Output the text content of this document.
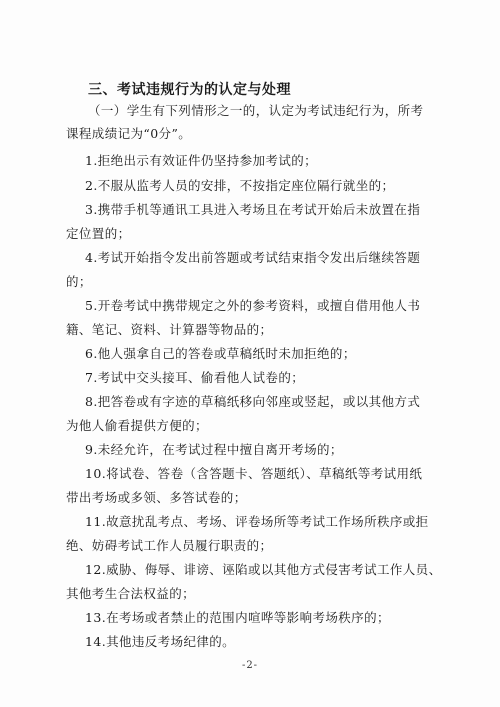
三、考试违规行为的认定与处理
（一）学生有下列情形之一的，认定为考试违纪行为，所考
课程成绩记为“0分”。
1.拒绝出示有效证件仍坚持参加考试的；
2.不服从监考人员的安排，不按指定座位隔行就坐的；
3.携带手机等通讯工具进入考场且在考试开始后未放置在指
定位置的；
4.考试开始指令发出前答题或考试结束指令发出后继续答题
的；
5.开卷考试中携带规定之外的参考资料，或擅自借用他人书
籍、笔记、资料、计算器等物品的；
6.他人强拿自己的答卷或草稿纸时未加拒绝的；
7.考试中交头接耳、偷看他人试卷的；
8.把答卷或有字迹的草稿纸移向邻座或竖起，或以其他方式
为他人偷看提供方便的；
9.未经允许，在考试过程中擅自离开考场的；
10.将试卷、答卷（含答题卡、答题纸）、草稿纸等考试用纸
带出考场或多领、多答试卷的；
11.故意扰乱考点、考场、评卷场所等考试工作场所秩序或拒
绝、妨碍考试工作人员履行职责的；
12.威胁、侮辱、诽谤、诬陷或以其他方式侵害考试工作人员、
其他考生合法权益的；
13.在考场或者禁止的范围内喧哗等影响考场秩序的；
14.其他违反考场纪律的。
-2-
